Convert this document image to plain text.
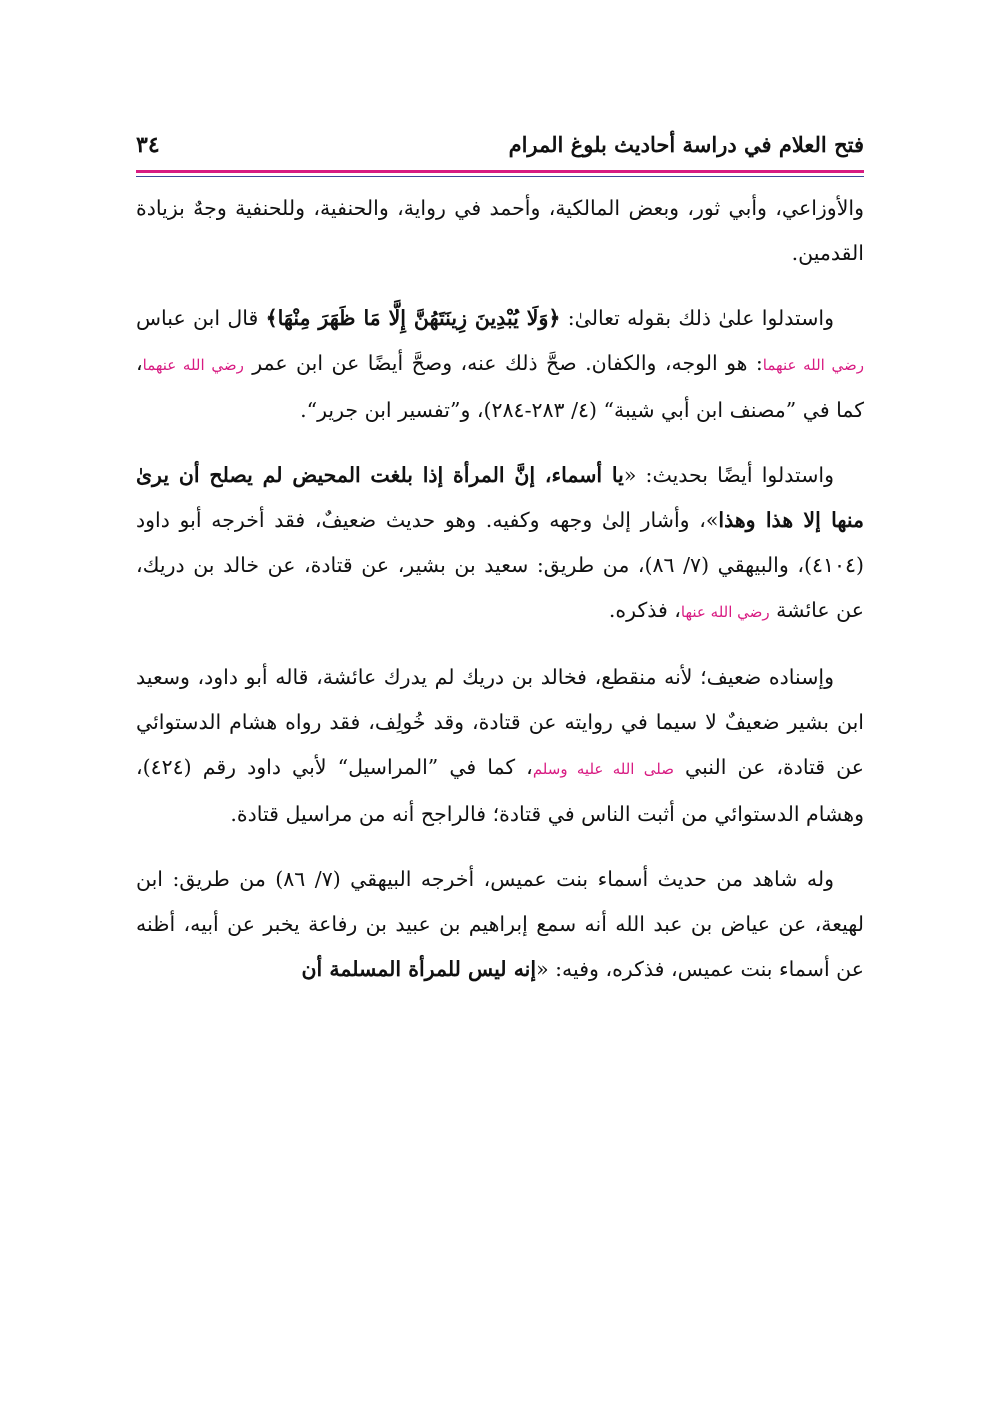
٣٤	فتح العلام في دراسة أحاديث بلوغ المرام

والأوزاعي، وأبي ثور، وبعض المالكية، وأحمد في رواية، والحنفية، وللحنفية وجهٌ بزيادة القدمين.

واستدلوا علىٰ ذلك بقوله تعالىٰ: ﴿وَلَا يُبْدِينَ زِينَتَهُنَّ إِلَّا مَا ظَهَرَ مِنْهَا﴾ قال ابن عباس رضي الله عنهما: هو الوجه، والكفان. صحَّ ذلك عنه، وصحَّ أيضًا عن ابن عمر رضي الله عنهما، كما في ”مصنف ابن أبي شيبة“ (٤/ ٢٨٣-٢٨٤)، و”تفسير ابن جرير“.

واستدلوا أيضًا بحديث: «يا أسماء، إنَّ المرأة إذا بلغت المحيض لم يصلح أن يرىٰ منها إلا هذا وهذا»، وأشار إلىٰ وجهه وكفيه. وهو حديث ضعيفٌ، فقد أخرجه أبو داود (٤١٠٤)، والبيهقي (٧/ ٨٦)، من طريق: سعيد بن بشير، عن قتادة، عن خالد بن دريك، عن عائشة رضي الله عنها، فذكره.

وإسناده ضعيف؛ لأنه منقطع، فخالد بن دريك لم يدرك عائشة، قاله أبو داود، وسعيد ابن بشير ضعيفٌ لا سيما في روايته عن قتادة، وقد خُولِف، فقد رواه هشام الدستوائي عن قتادة، عن النبي صلى الله عليه وسلم، كما في ”المراسيل“ لأبي داود رقم (٤٢٤)، وهشام الدستوائي من أثبت الناس في قتادة؛ فالراجح أنه من مراسيل قتادة.

وله شاهد من حديث أسماء بنت عميس، أخرجه البيهقي (٧/ ٨٦) من طريق: ابن لهيعة، عن عياض بن عبد الله أنه سمع إبراهيم بن عبيد بن رفاعة يخبر عن أبيه، أظنه عن أسماء بنت عميس، فذكره، وفيه: «إنه ليس للمرأة المسلمة أن
